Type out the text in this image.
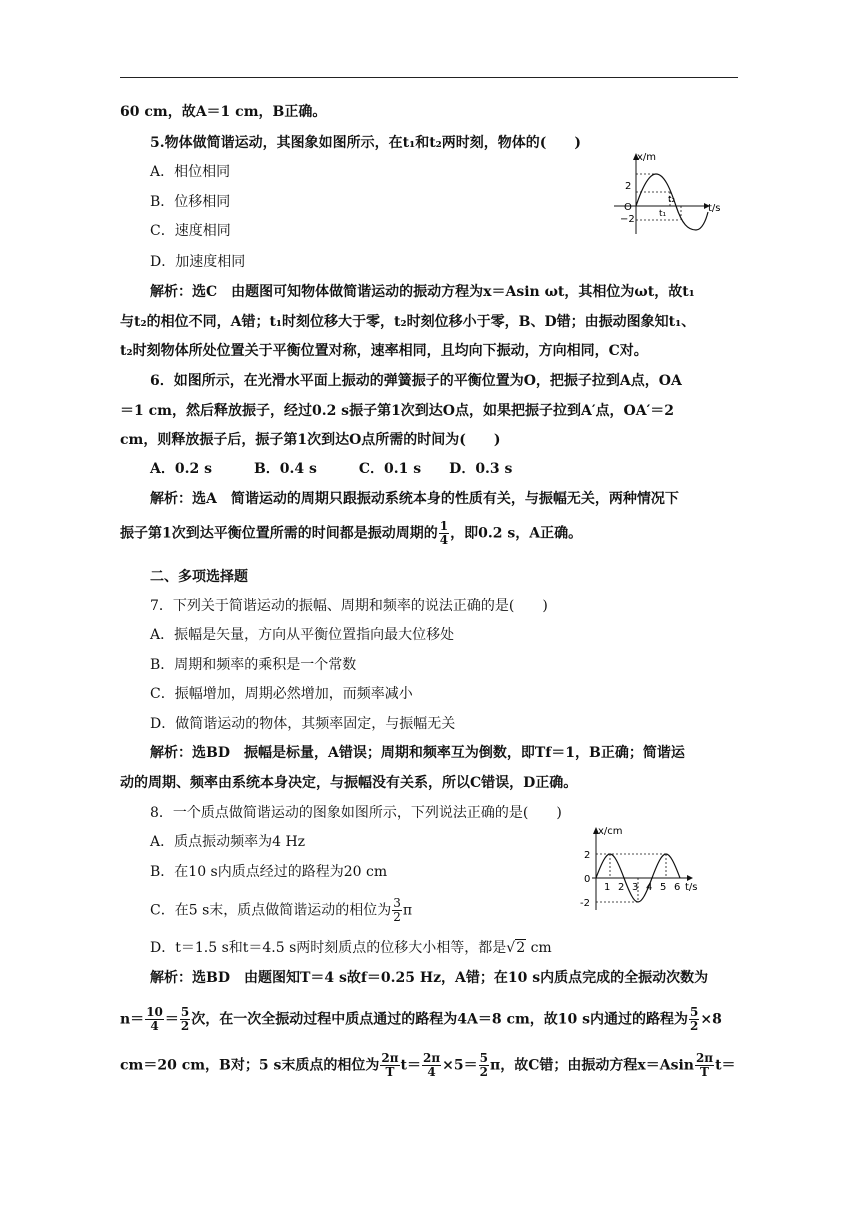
60 cm，故A＝1 cm，B正确。
5.物体做简谐运动，其图象如图所示，在t₁和t₂两时刻，物体的(　　)
A．相位相同
B．位移相同
C．速度相同
D．加速度相同
x/m
t/s
O
2
−2
t₂
t₁
解析：选C　由题图可知物体做简谐运动的振动方程为x＝Asin ωt，其相位为ωt，故t₁
与t₂的相位不同，A错；t₁时刻位移大于零，t₂时刻位移小于零，B、D错；由振动图象知t₁、
t₂时刻物体所处位置关于平衡位置对称，速率相同，且均向下振动，方向相同，C对。
6．如图所示，在光滑水平面上振动的弹簧振子的平衡位置为O，把振子拉到A点，OA
＝1 cm，然后释放振子，经过0.2 s振子第1次到达O点，如果把振子拉到A′点，OA′＝2
cm，则释放振子后，振子第1次到达O点所需的时间为(　　)
A．0.2 s　　　B．0.4 s　　　C．0.1 s　　D．0.3 s
解析：选A　简谐运动的周期只跟振动系统本身的性质有关，与振幅无关，两种情况下
振子第1次到达平衡位置所需的时间都是振动周期的 $\frac{1}{4}$ ，即0.2 s，A正确。
二、多项选择题
7．下列关于简谐运动的振幅、周期和频率的说法正确的是(　　)
A．振幅是矢量，方向从平衡位置指向最大位移处
B．周期和频率的乘积是一个常数
C．振幅增加，周期必然增加，而频率减小
D．做简谐运动的物体，其频率固定，与振幅无关
解析：选BD　振幅是标量，A错误；周期和频率互为倒数，即Tf＝1，B正确；简谐运
动的周期、频率由系统本身决定，与振幅没有关系，所以C错误，D正确。
8．一个质点做简谐运动的图象如图所示，下列说法正确的是(　　)
A．质点振动频率为4 Hz
B．在10 s内质点经过的路程为20 cm
C．在5 s末，质点做简谐运动的相位为 $\frac{3}{2}$ π
x/cm
t/s
2
0
-2
1 2 3 4 5 6
D．t＝1.5 s和t＝4.5 s两时刻质点的位移大小相等，都是√2 cm
解析：选BD　由题图知T＝4 s故f＝0.25 Hz，A错；在10 s内质点完成的全振动次数为
$n= \frac{10}{4} = \frac{5}{2}$ 次，在一次全振动过程中质点通过的路程为4A＝8 cm，故10 s内通过的路程为 $\frac{5}{2} \times 8$
cm＝20 cm，B对；5 s末质点的相位为 $\frac{2\pi}{T} t= \frac{2\pi}{4} \times 5= \frac{5}{2}$ π，故C错；由振动方程$x=Asin \frac{2\pi}{T} t=$
